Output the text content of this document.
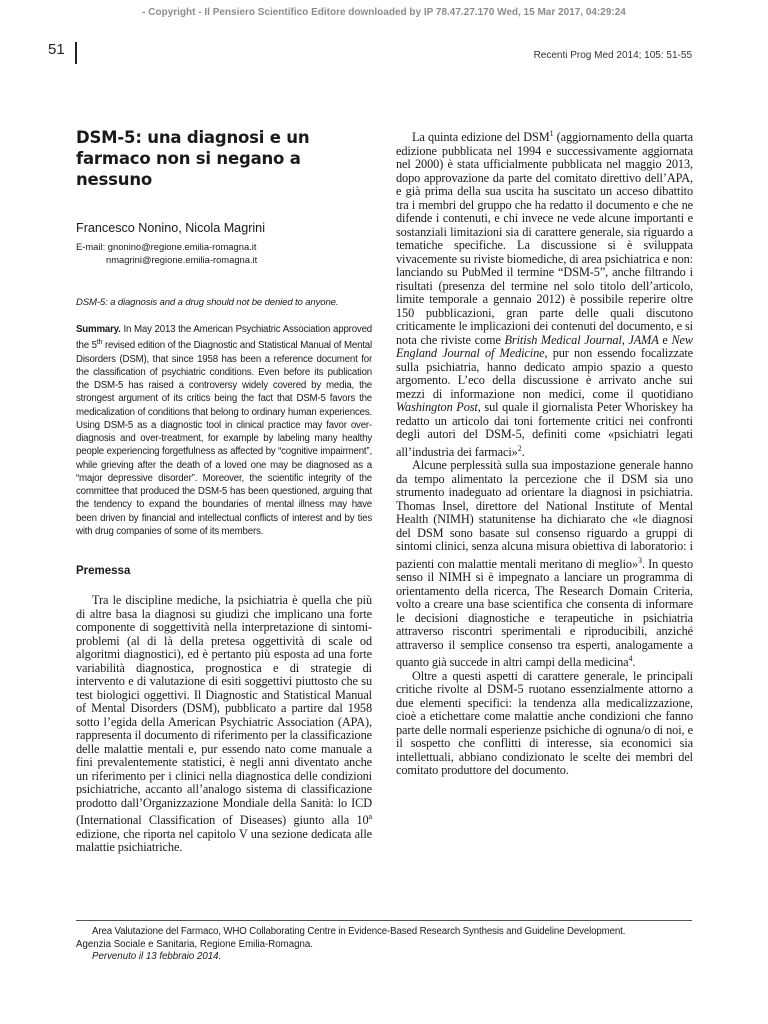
- Copyright - Il Pensiero Scientifico Editore downloaded by IP 78.47.27.170 Wed, 15 Mar 2017, 04:29:24
51	Recenti Prog Med 2014; 105: 51-55
DSM-5: una diagnosi e un farmaco non si negano a nessuno
Francesco Nonino, Nicola Magrini
E-mail: gnonino@regione.emilia-romagna.it
nmagrini@regione.emilia-romagna.it
DSM-5: a diagnosis and a drug should not be denied to anyone.
Summary. In May 2013 the American Psychiatric Association approved the 5th revised edition of the Diagnostic and Statistical Manual of Mental Disorders (DSM), that since 1958 has been a reference document for the classification of psychiatric conditions. Even before its publication the DSM-5 has raised a controversy widely covered by media, the strongest argument of its critics being the fact that DSM-5 favors the medicalization of conditions that belong to ordinary human experiences. Using DSM-5 as a diagnostic tool in clinical practice may favor over-diagnosis and over-treatment, for example by labeling many healthy people experiencing forgetfulness as affected by “cognitive impairment”, while grieving after the death of a loved one may be diagnosed as a “major depressive disorder”. Moreover, the scientific integrity of the committee that produced the DSM-5 has been questioned, arguing that the tendency to expand the boundaries of mental illness may have been driven by financial and intellectual conflicts of interest and by ties with drug companies of some of its members.
Premessa

Tra le discipline mediche, la psichiatria è quella che più di altre basa la diagnosi su giudizi che implicano una forte componente di soggettività nella interpretazione di sintomi-problemi (al di là della pretesa oggettività di scale od algoritmi diagnostici), ed è pertanto più esposta ad una forte variabilità diagnostica, prognostica e di strategie di intervento e di valutazione di esiti soggettivi piuttosto che su test biologici oggettivi. Il Diagnostic and Statistical Manual of Mental Disorders (DSM), pubblicato a partire dal 1958 sotto l’egida della American Psychiatric Association (APA), rappresenta il documento di riferimento per la classificazione delle malattie mentali e, pur essendo nato come manuale a fini prevalentemente statistici, è negli anni diventato anche un riferimento per i clinici nella diagnostica delle condizioni psichiatriche, accanto all’analogo sistema di classificazione prodotto dall’Organizzazione Mondiale della Sanità: lo ICD (International Classification of Diseases) giunto alla 10$^a$ edizione, che riporta nel capitolo V una sezione dedicata alle malattie psichiatriche.

La quinta edizione del DSM$^1$ (aggiornamento della quarta edizione pubblicata nel 1994 e successivamente aggiornata nel 2000) è stata ufficialmente pubblicata nel maggio 2013, dopo approvazione da parte del comitato direttivo dell’APA, e già prima della sua uscita ha suscitato un acceso dibattito tra i membri del gruppo che ha redatto il documento e che ne difende i contenuti, e chi invece ne vede alcune importanti e sostanziali limitazioni sia di carattere generale, sia riguardo a tematiche specifiche. La discussione si è sviluppata vivacemente su riviste biomediche, di area psichiatrica e non: lanciando su PubMed il termine “DSM-5”, anche filtrando i risultati (presenza del termine nel solo titolo dell’articolo, limite temporale a gennaio 2012) è possibile reperire oltre 150 pubblicazioni, gran parte delle quali discutono criticamente le implicazioni dei contenuti del documento, e si nota che riviste come British Medical Journal, JAMA e New England Journal of Medicine, pur non essendo focalizzate sulla psichiatria, hanno dedicato ampio spazio a questo argomento. L’eco della discussione è arrivato anche sui mezzi di informazione non medici, come il quotidiano Washington Post, sul quale il giornalista Peter Whoriskey ha redatto un articolo dai toni fortemente critici nei confronti degli autori del DSM-5, definiti come «psichiatri legati all’industria dei farmaci»$^2$.

Alcune perplessità sulla sua impostazione generale hanno da tempo alimentato la percezione che il DSM sia uno strumento inadeguato ad orientare la diagnosi in psichiatria. Thomas Insel, direttore del National Institute of Mental Health (NIMH) statunitense ha dichiarato che «le diagnosi del DSM sono basate sul consenso riguardo a gruppi di sintomi clinici, senza alcuna misura obiettiva di laboratorio: i pazienti con malattie mentali meritano di meglio»$^3$. In questo senso il NIMH si è impegnato a lanciare un programma di orientamento della ricerca, The Research Domain Criteria, volto a creare una base scientifica che consenta di informare le decisioni diagnostiche e terapeutiche in psichiatria attraverso riscontri sperimentali e riproducibili, anziché attraverso il semplice consenso tra esperti, analogamente a quanto già succede in altri campi della medicina$^4$.

Oltre a questi aspetti di carattere generale, le principali critiche rivolte al DSM-5 ruotano essenzialmente attorno a due elementi specifici: la tendenza alla medicalizzazione, cioè a etichettare come malattie anche condizioni che fanno parte delle normali esperienze psichiche di ognuna/o di noi, e il sospetto che conflitti di interesse, sia economici sia intellettuali, abbiano condizionato le scelte dei membri del comitato produttore del documento.

Area Valutazione del Farmaco, WHO Collaborating Centre in Evidence-Based Research Synthesis and Guideline Development.
Agenzia Sociale e Sanitaria, Regione Emilia-Romagna.
Pervenuto il 13 febbraio 2014.
